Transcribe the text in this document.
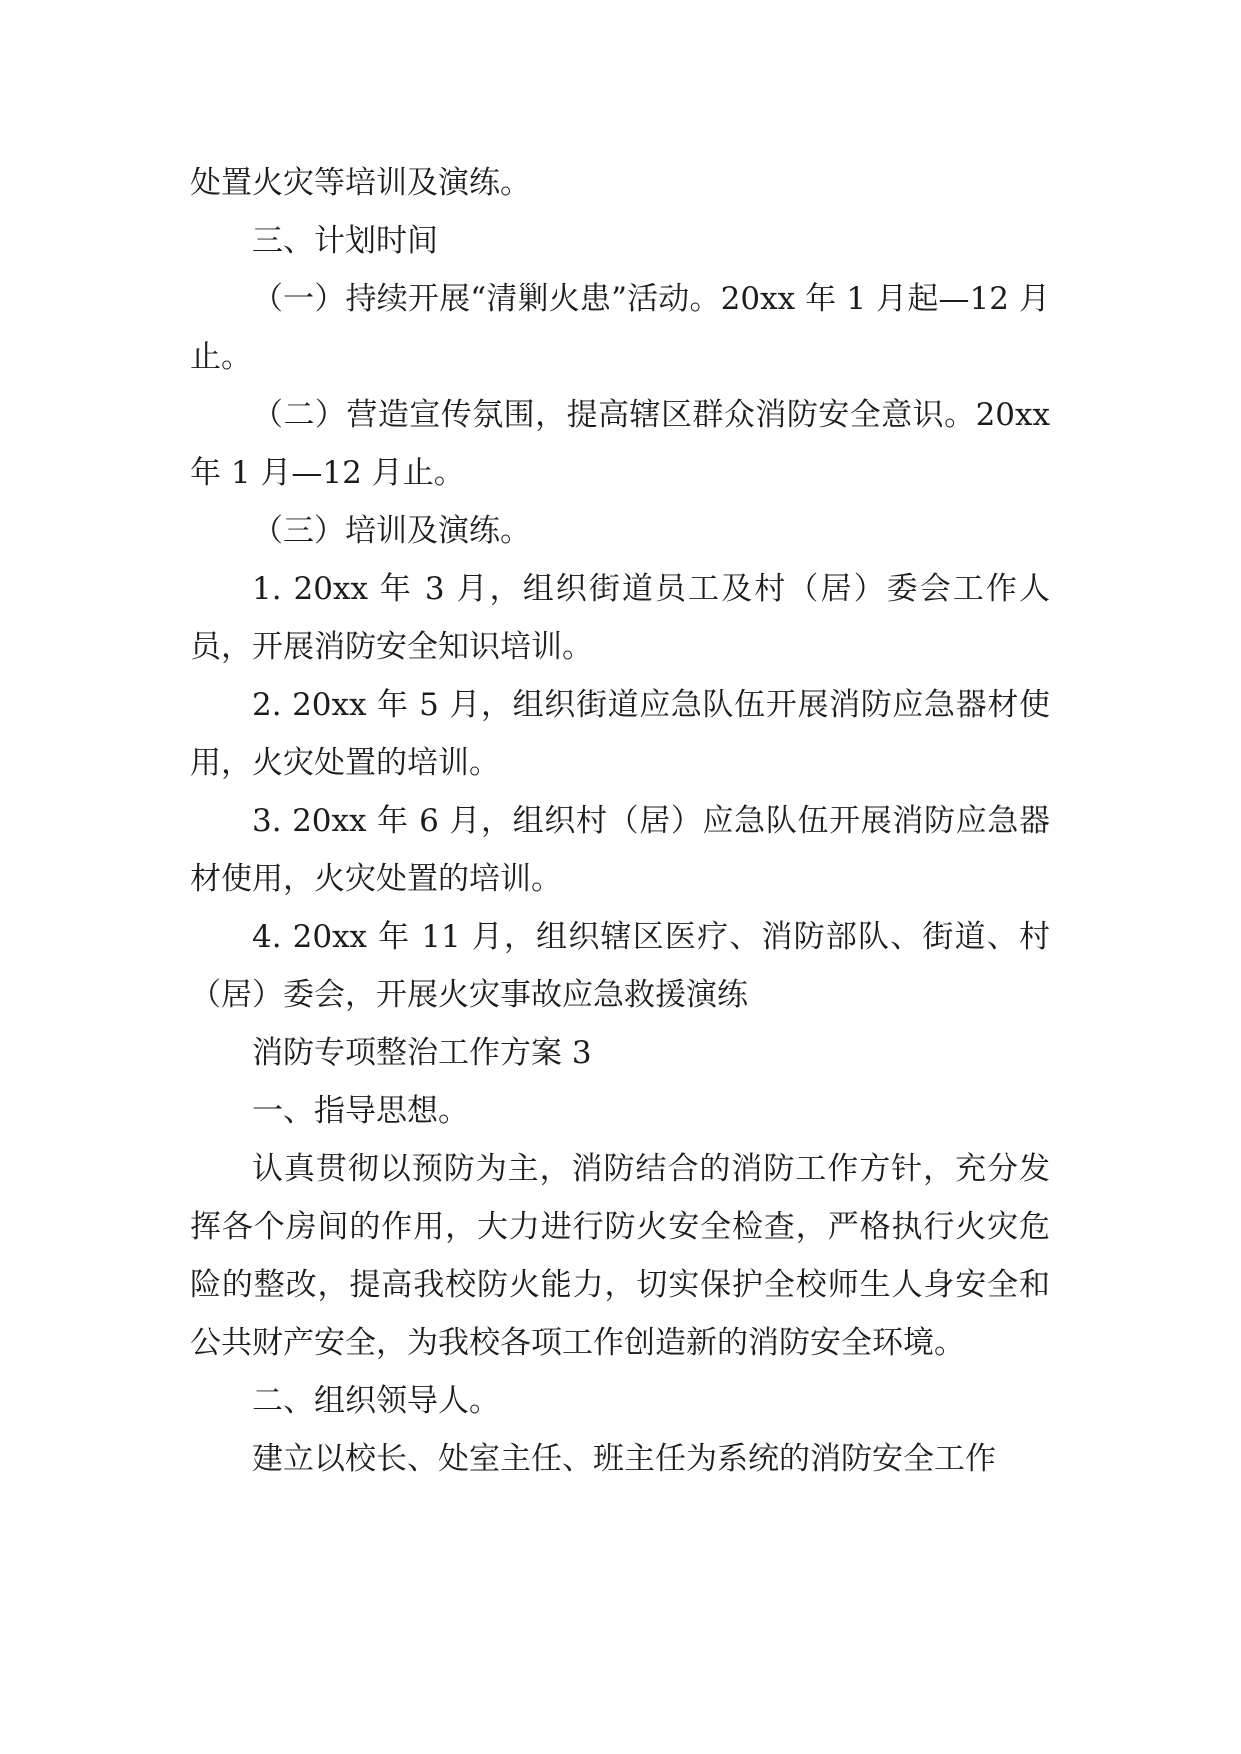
处置火灾等培训及演练。

三、计划时间

（一）持续开展“清剿火患”活动。20xx 年 1 月起—12 月止。

（二）营造宣传氛围，提高辖区群众消防安全意识。20xx 年 1 月—12 月止。

（三）培训及演练。

1. 20xx 年 3 月，组织街道员工及村（居）委会工作人员，开展消防安全知识培训。

2. 20xx 年 5 月，组织街道应急队伍开展消防应急器材使用，火灾处置的培训。

3. 20xx 年 6 月，组织村（居）应急队伍开展消防应急器材使用，火灾处置的培训。

4. 20xx 年 11 月，组织辖区医疗、消防部队、街道、村（居）委会，开展火灾事故应急救援演练

消防专项整治工作方案 3

一、指导思想。

认真贯彻以预防为主，消防结合的消防工作方针，充分发挥各个房间的作用，大力进行防火安全检查，严格执行火灾危险的整改，提高我校防火能力，切实保护全校师生人身安全和公共财产安全，为我校各项工作创造新的消防安全环境。

二、组织领导人。

建立以校长、处室主任、班主任为系统的消防安全工作
